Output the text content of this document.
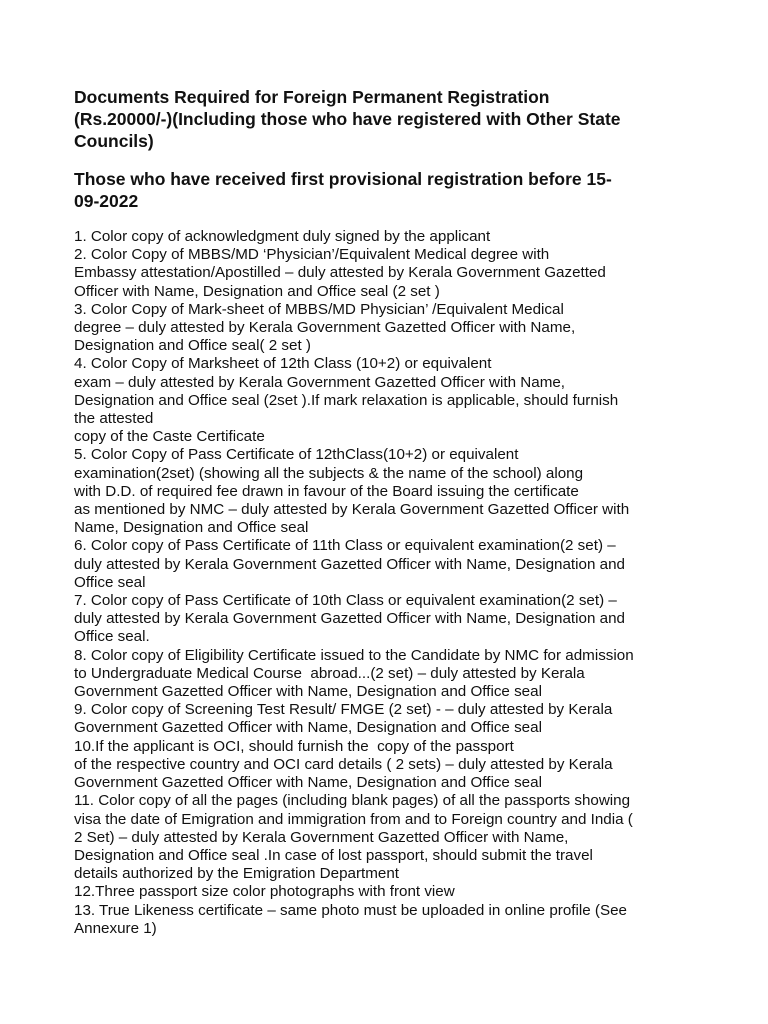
Documents Required for Foreign Permanent Registration
(Rs.20000/-)(Including those who have registered with Other State
Councils)
Those who have received first provisional registration before 15-
09-2022
1. Color copy of acknowledgment duly signed by the applicant
2. Color Copy of MBBS/MD ‘Physician’/Equivalent Medical degree with
Embassy attestation/Apostilled – duly attested by Kerala Government Gazetted
Officer with Name, Designation and Office seal (2 set )
3. Color Copy of Mark-sheet of MBBS/MD Physician’ /Equivalent Medical
degree – duly attested by Kerala Government Gazetted Officer with Name,
Designation and Office seal( 2 set )
4. Color Copy of Marksheet of 12th Class (10+2) or equivalent
exam – duly attested by Kerala Government Gazetted Officer with Name,
Designation and Office seal (2set ).If mark relaxation is applicable, should furnish
the attested
copy of the Caste Certificate
5. Color Copy of Pass Certificate of 12thClass(10+2) or equivalent
examination(2set) (showing all the subjects & the name of the school) along
with D.D. of required fee drawn in favour of the Board issuing the certificate
as mentioned by NMC – duly attested by Kerala Government Gazetted Officer with
Name, Designation and Office seal
6. Color copy of Pass Certificate of 11th Class or equivalent examination(2 set) –
duly attested by Kerala Government Gazetted Officer with Name, Designation and
Office seal
7. Color copy of Pass Certificate of 10th Class or equivalent examination(2 set) –
duly attested by Kerala Government Gazetted Officer with Name, Designation and
Office seal.
8. Color copy of Eligibility Certificate issued to the Candidate by NMC for admission
to Undergraduate Medical Course  abroad...(2 set) – duly attested by Kerala
Government Gazetted Officer with Name, Designation and Office seal
9. Color copy of Screening Test Result/ FMGE (2 set) - – duly attested by Kerala
Government Gazetted Officer with Name, Designation and Office seal
10.If the applicant is OCI, should furnish the  copy of the passport
of the respective country and OCI card details ( 2 sets) – duly attested by Kerala
Government Gazetted Officer with Name, Designation and Office seal
11. Color copy of all the pages (including blank pages) of all the passports showing
visa the date of Emigration and immigration from and to Foreign country and India (
2 Set) – duly attested by Kerala Government Gazetted Officer with Name,
Designation and Office seal .In case of lost passport, should submit the travel
details authorized by the Emigration Department
12.Three passport size color photographs with front view
13. True Likeness certificate – same photo must be uploaded in online profile (See
Annexure 1)
